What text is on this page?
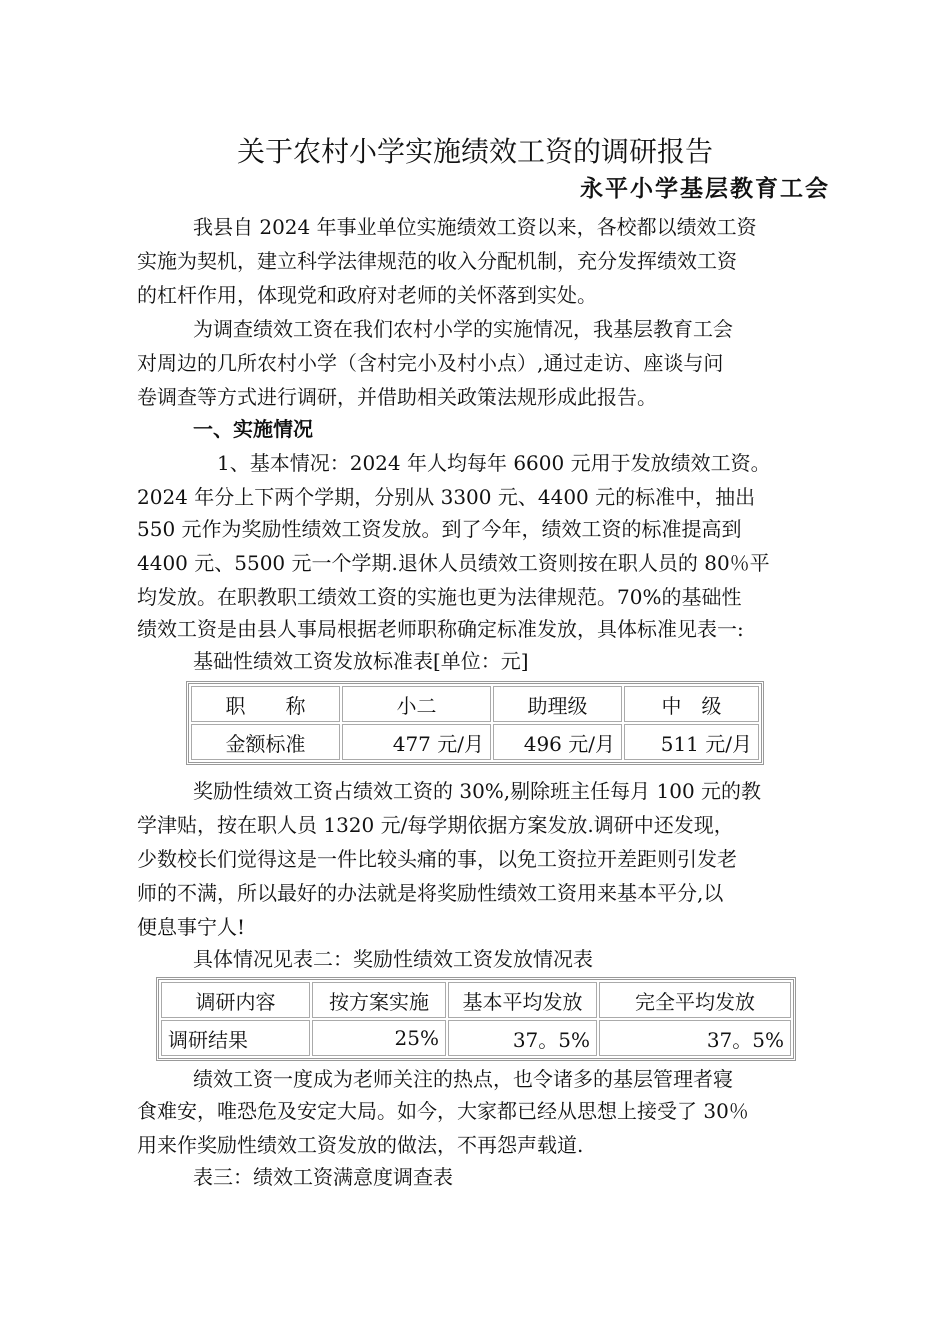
关于农村小学实施绩效工资的调研报告
永平小学基层教育工会
我县自 2024 年事业单位实施绩效工资以来，各校都以绩效工资
实施为契机，建立科学法律规范的收入分配机制，充分发挥绩效工资
的杠杆作用，体现党和政府对老师的关怀落到实处。
为调查绩效工资在我们农村小学的实施情况，我基层教育工会
对周边的几所农村小学（含村完小及村小点）,通过走访、座谈与问
卷调查等方式进行调研，并借助相关政策法规形成此报告。
一、实施情况
1、基本情况：2024 年人均每年 6600 元用于发放绩效工资。
2024 年分上下两个学期，分别从 3300 元、4400 元的标准中，抽出
550 元作为奖励性绩效工资发放。到了今年，绩效工资的标准提高到
4400 元、5500 元一个学期.退休人员绩效工资则按在职人员的 80％平
均发放。在职教职工绩效工资的实施也更为法律规范。70%的基础性
绩效工资是由县人事局根据老师职称确定标准发放，具体标准见表一:
基础性绩效工资发放标准表[单位：元]
职　　称	小二	助理级	中　级
金额标准	477 元/月	496 元/月	511 元/月
奖励性绩效工资占绩效工资的 30%,剔除班主任每月 100 元的教
学津贴，按在职人员 1320 元/每学期依据方案发放.调研中还发现，
少数校长们觉得这是一件比较头痛的事，以免工资拉开差距则引发老
师的不满，所以最好的办法就是将奖励性绩效工资用来基本平分,以
便息事宁人!
具体情况见表二：奖励性绩效工资发放情况表
调研内容	按方案实施	基本平均发放	完全平均发放
调研结果	25%	37。5%	37。5%
绩效工资一度成为老师关注的热点，也令诸多的基层管理者寝
食难安，唯恐危及安定大局。如今，大家都已经从思想上接受了 30％
用来作奖励性绩效工资发放的做法，不再怨声载道.
表三：绩效工资满意度调查表
